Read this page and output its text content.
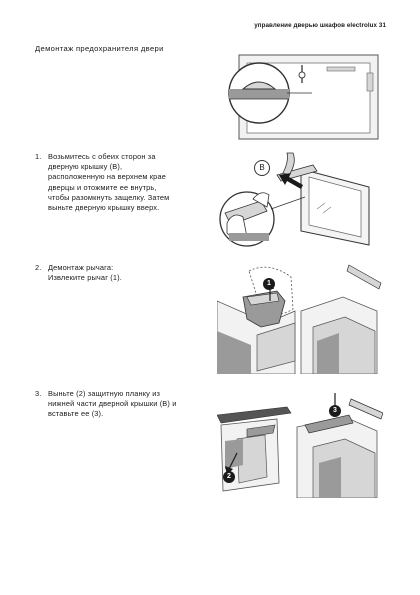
управление дверью шкафов electrolux 31
Демонтаж предохранителя двери
1. Возьмитесь с обеих сторон за
дверную крышку (В),
расположенную на верхнем крае
дверцы и отожмите ее внутрь,
чтобы разомкнуть защелку. Затем
выньте дверную крышку вверх.
B
2. Демонтаж рычага:
Извлеките рычаг (1).
1
3. Выньте (2) защитную планку из
нижней части дверной крышки (В) и
вставьте ее (3).	3
2
